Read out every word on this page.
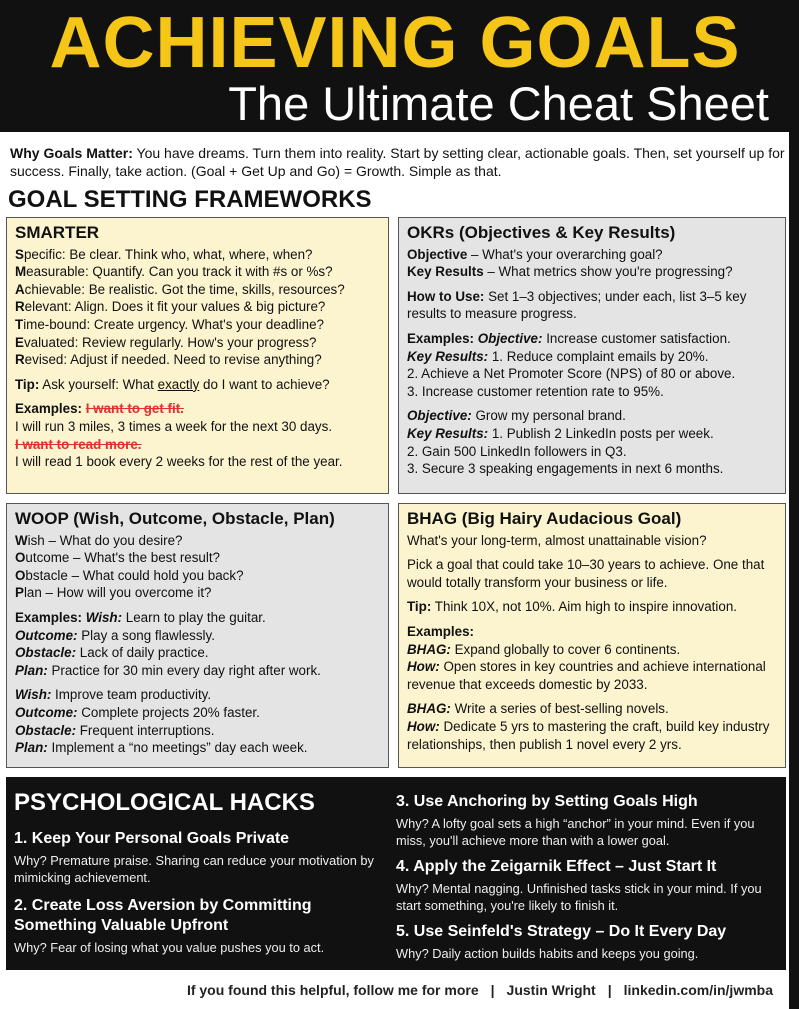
ACHIEVING GOALS
The Ultimate Cheat Sheet
Why Goals Matter: You have dreams. Turn them into reality. Start by setting clear, actionable goals. Then, set yourself up for success. Finally, take action. (Goal + Get Up and Go) = Growth. Simple as that.
GOAL SETTING FRAMEWORKS
SMARTER
Specific: Be clear. Think who, what, where, when?
Measurable: Quantify. Can you track it with #s or %s?
Achievable: Be realistic. Got the time, skills, resources?
Relevant: Align. Does it fit your values & big picture?
Time-bound: Create urgency. What's your deadline?
Evaluated: Review regularly. How's your progress?
Revised: Adjust if needed. Need to revise anything?
Tip: Ask yourself: What exactly do I want to achieve?
Examples: I want to get fit.
I will run 3 miles, 3 times a week for the next 30 days.
I want to read more.
I will read 1 book every 2 weeks for the rest of the year.
OKRs (Objectives & Key Results)
Objective – What's your overarching goal?
Key Results – What metrics show you're progressing?
How to Use: Set 1–3 objectives; under each, list 3–5 key results to measure progress.
Examples: Objective: Increase customer satisfaction.
Key Results: 1. Reduce complaint emails by 20%.
2. Achieve a Net Promoter Score (NPS) of 80 or above.
3. Increase customer retention rate to 95%.
Objective: Grow my personal brand.
Key Results: 1. Publish 2 LinkedIn posts per week.
2. Gain 500 LinkedIn followers in Q3.
3. Secure 3 speaking engagements in next 6 months.
WOOP (Wish, Outcome, Obstacle, Plan)
Wish – What do you desire?
Outcome – What's the best result?
Obstacle – What could hold you back?
Plan – How will you overcome it?
Examples: Wish: Learn to play the guitar.
Outcome: Play a song flawlessly.
Obstacle: Lack of daily practice.
Plan: Practice for 30 min every day right after work.
Wish: Improve team productivity.
Outcome: Complete projects 20% faster.
Obstacle: Frequent interruptions.
Plan: Implement a “no meetings” day each week.
BHAG (Big Hairy Audacious Goal)
What's your long-term, almost unattainable vision?
Pick a goal that could take 10–30 years to achieve. One that would totally transform your business or life.
Tip: Think 10X, not 10%. Aim high to inspire innovation.
Examples:
BHAG: Expand globally to cover 6 continents.
How: Open stores in key countries and achieve international revenue that exceeds domestic by 2033.
BHAG: Write a series of best-selling novels.
How: Dedicate 5 yrs to mastering the craft, build key industry relationships, then publish 1 novel every 2 yrs.
PSYCHOLOGICAL HACKS
1. Keep Your Personal Goals Private

Why? Premature praise. Sharing can reduce your motivation by mimicking achievement.

2. Create Loss Aversion by Committing Something Valuable Upfront

Why? Fear of losing what you value pushes you to act.

3. Use Anchoring by Setting Goals High

Why? A lofty goal sets a high “anchor” in your mind. Even if you miss, you'll achieve more than with a lower goal.

4. Apply the Zeigarnik Effect – Just Start It

Why? Mental nagging. Unfinished tasks stick in your mind. If you start something, you're likely to finish it.

5. Use Seinfeld's Strategy – Do It Every Day

Why? Daily action builds habits and keeps you going.

If you found this helpful, follow me for more | Justin Wright | linkedin.com/in/jwmba
